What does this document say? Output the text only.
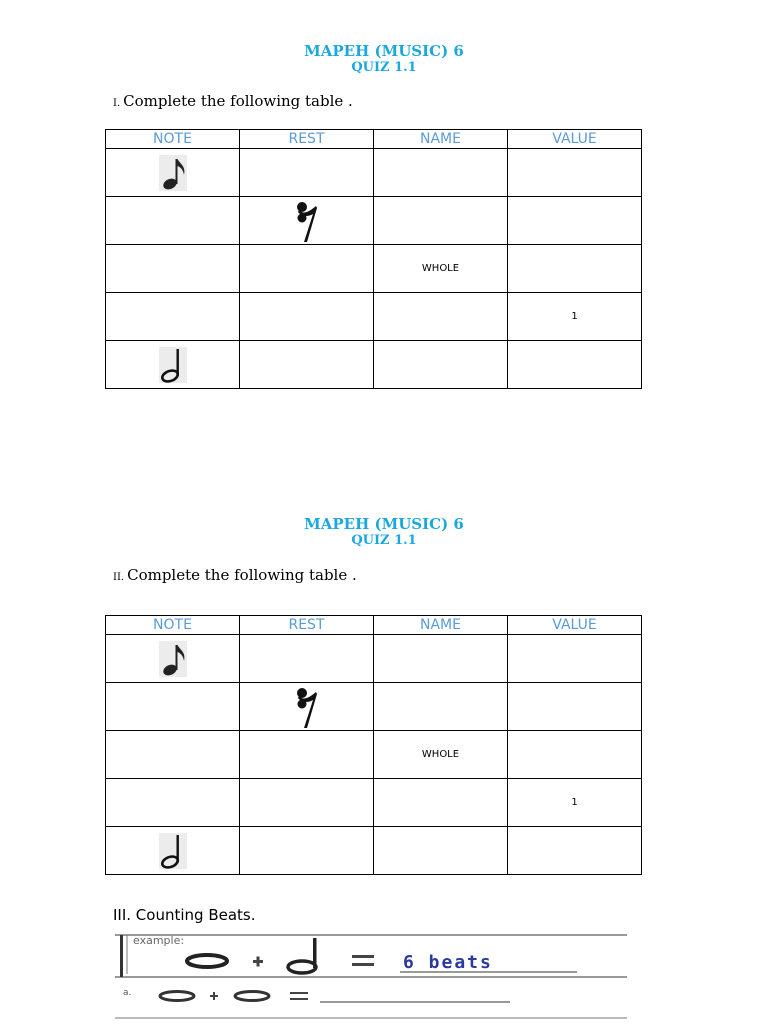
MAPEH (MUSIC) 6
QUIZ 1.1
I. Complete the following table .
NOTE	REST	NAME	VALUE

		WHOLE	
			1

MAPEH (MUSIC) 6
QUIZ 1.1
II. Complete the following table .
NOTE	REST	NAME	VALUE

		WHOLE	
			1

III. Counting Beats.
example:
6 beats
a.
